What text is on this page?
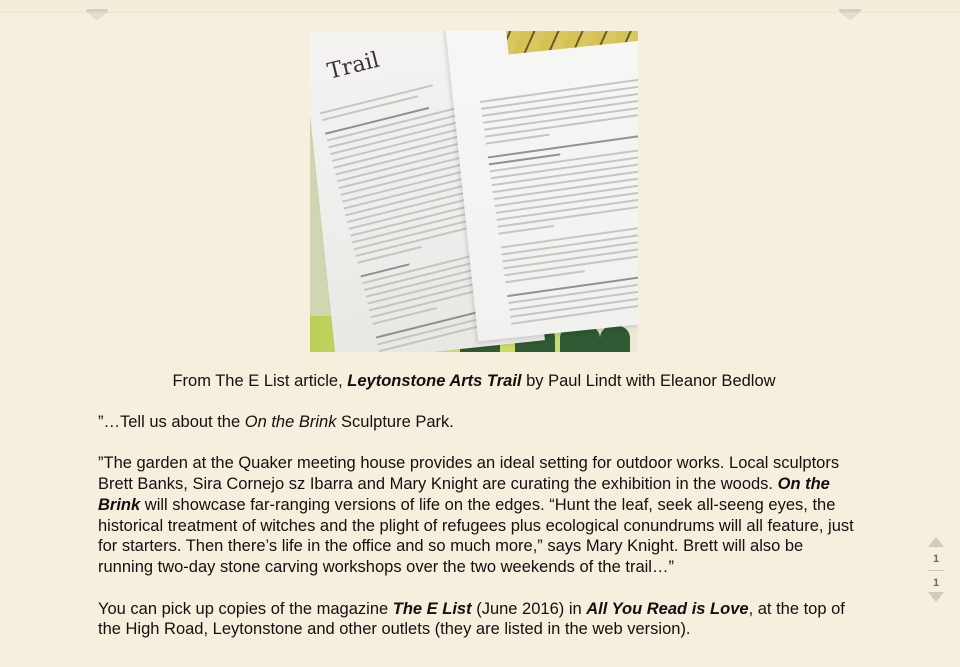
Trail
From The E List article, Leytonstone Arts Trail by Paul Lindt with Eleanor Bedlow

”…Tell us about the On the Brink Sculpture Park.

”The garden at the Quaker meeting house provides an ideal setting for outdoor works. Local sculptors Brett Banks, Sira Cornejo sz Ibarra and Mary Knight are curating the exhibition in the woods. On the Brink will showcase far-ranging versions of life on the edges. “Hunt the leaf, seek all-seeng eyes, the historical treatment of witches and the plight of refugees plus ecological conundrums will all feature, just for starters. Then there’s life in the office and so much more,” says Mary Knight. Brett will also be running two-day stone carving workshops over the two weekends of the trail…”

You can pick up copies of the magazine The E List (June 2016) in All You Read is Love, at the top of the High Road, Leytonstone and other outlets (they are listed in the web version).

1
1
